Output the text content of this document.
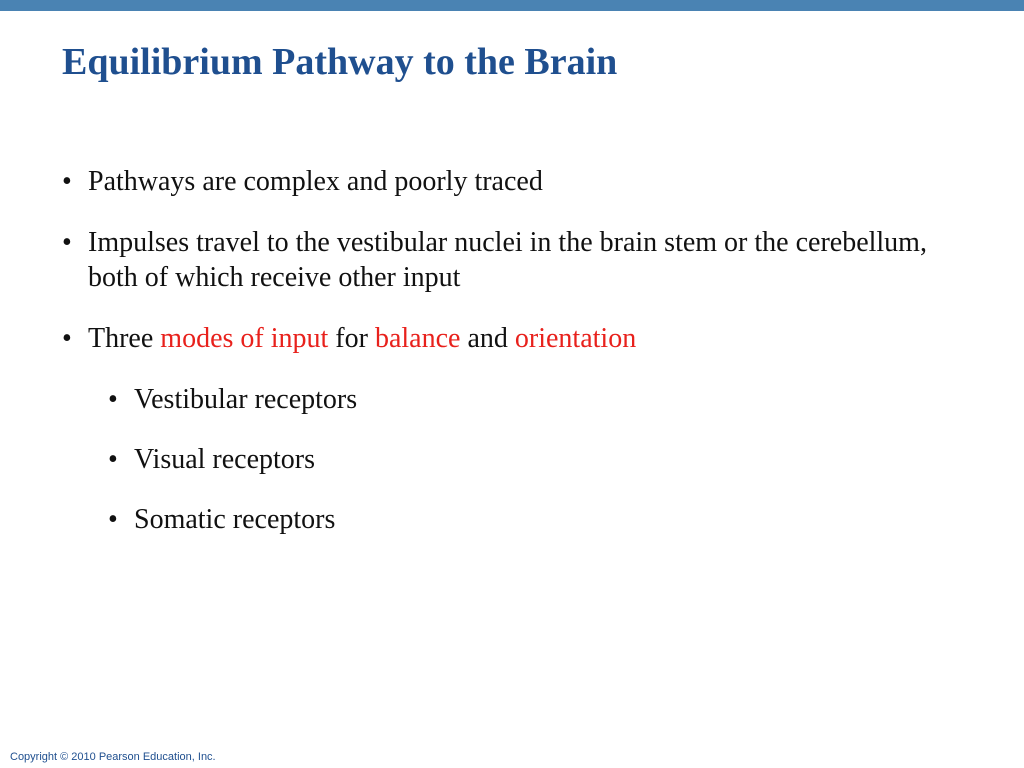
Equilibrium Pathway to the Brain
• Pathways are complex and poorly traced
• Impulses travel to the vestibular nuclei in the brain stem or the cerebellum, both of which receive other input
• Three modes of input for balance and orientation
• Vestibular receptors
• Visual receptors
• Somatic receptors
Copyright © 2010 Pearson Education, Inc.
